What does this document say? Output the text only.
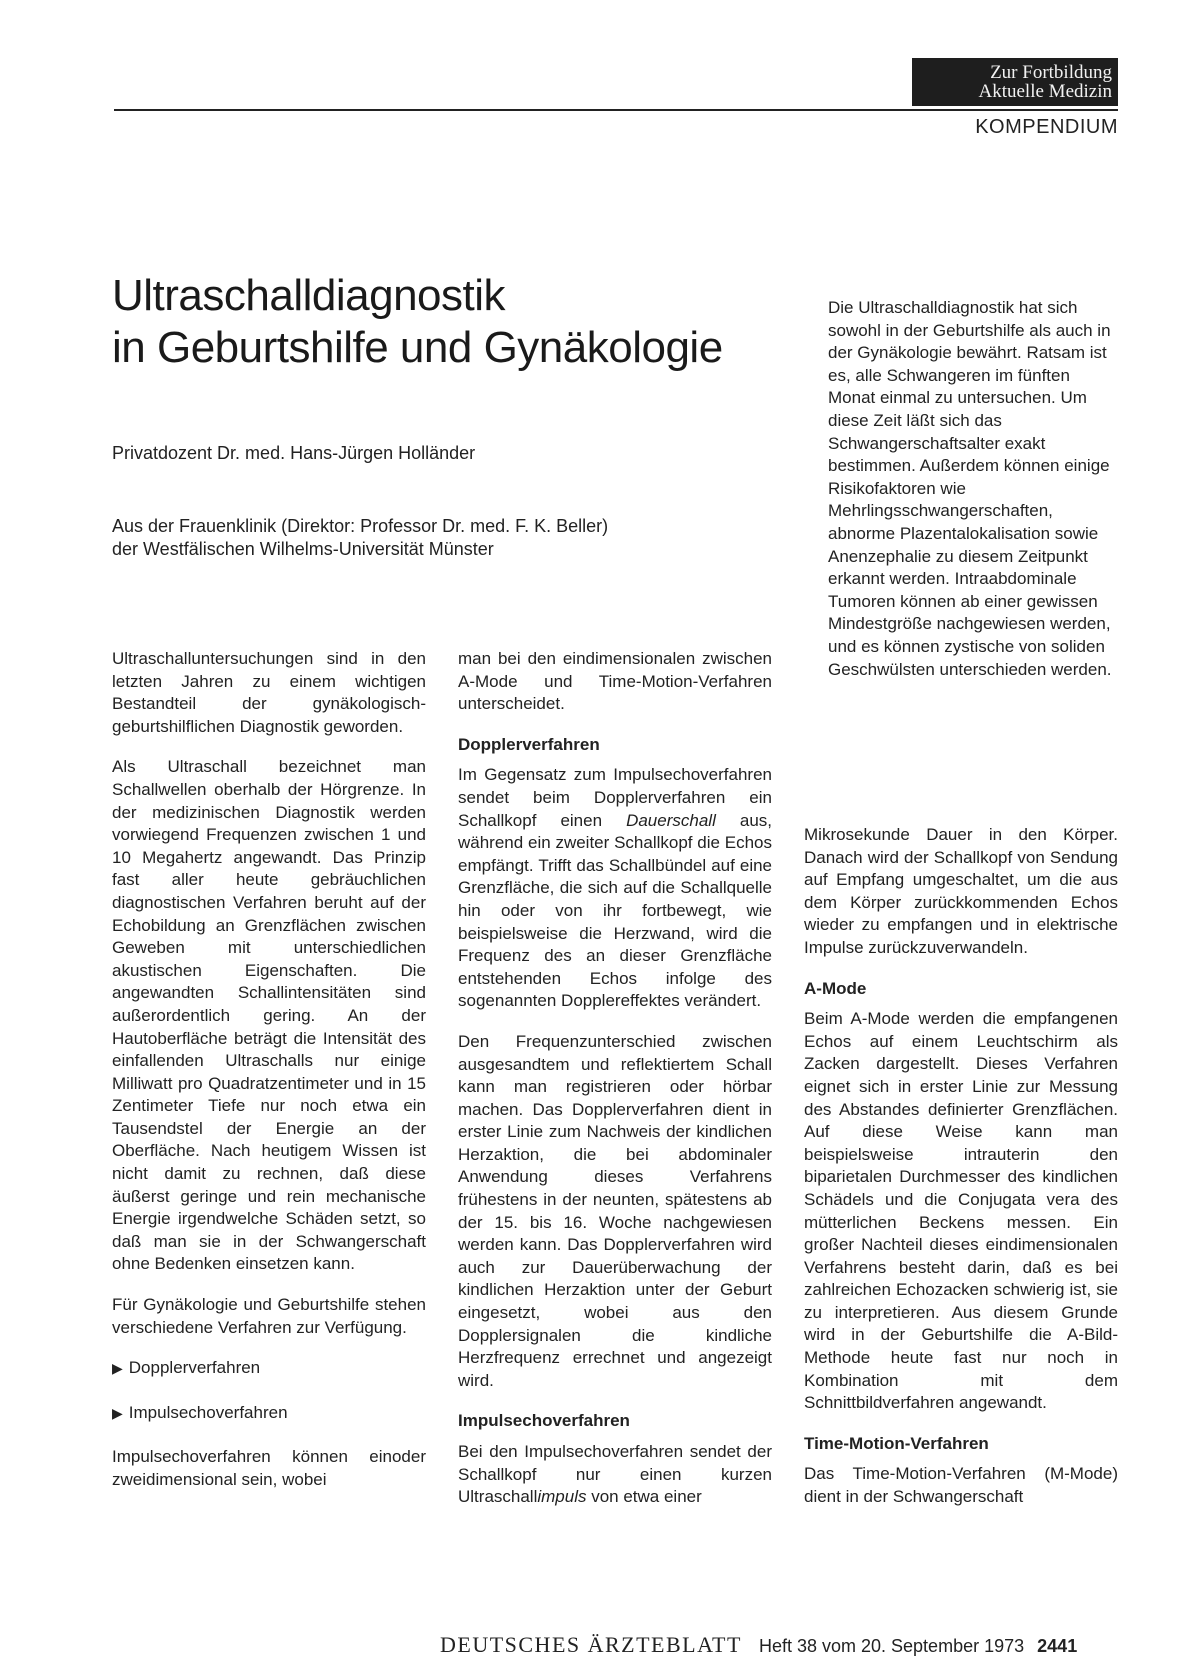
Zur Fortbildung
Aktuelle Medizin
KOMPENDIUM
Ultraschalldiagnostik
in Geburtshilfe und Gynäkologie

Privatdozent Dr. med. Hans-Jürgen Holländer

Aus der Frauenklinik (Direktor: Professor Dr. med. F. K. Beller)
der Westfälischen Wilhelms-Universität Münster

Die Ultraschalldiagnostik hat sich sowohl in der Geburtshilfe als auch in der Gynäkologie bewährt. Ratsam ist es, alle Schwangeren im fünften Monat einmal zu untersuchen. Um diese Zeit läßt sich das Schwangerschaftsalter exakt bestimmen. Außerdem können einige Risikofaktoren wie Mehrlingsschwangerschaften, abnorme Plazentalokalisation sowie Anenzephalie zu diesem Zeitpunkt erkannt werden. Intraabdominale Tumoren können ab einer gewissen Mindestgröße nachgewiesen werden, und es können zystische von soliden Geschwülsten unterschieden werden.

Ultraschalluntersuchungen sind in den letzten Jahren zu einem wichtigen Bestandteil der gynäkologisch-geburtshilflichen Diagnostik geworden.

Als Ultraschall bezeichnet man Schallwellen oberhalb der Hörgrenze. In der medizinischen Diagnostik werden vorwiegend Frequenzen zwischen 1 und 10 Megahertz angewandt. Das Prinzip fast aller heute gebräuchlichen diagnostischen Verfahren beruht auf der Echobildung an Grenzflächen zwischen Geweben mit unterschiedlichen akustischen Eigenschaften. Die angewandten Schallintensitäten sind außerordentlich gering. An der Hautoberfläche beträgt die Intensität des einfallenden Ultraschalls nur einige Milliwatt pro Quadratzentimeter und in 15 Zentimeter Tiefe nur noch etwa ein Tausendstel der Energie an der Oberfläche. Nach heutigem Wissen ist nicht damit zu rechnen, daß diese äußerst geringe und rein mechanische Energie irgendwelche Schäden setzt, so daß man sie in der Schwangerschaft ohne Bedenken einsetzen kann.

Für Gynäkologie und Geburtshilfe stehen verschiedene Verfahren zur Verfügung.

▶ Dopplerverfahren
▶ Impulsechoverfahren

Impulsechoverfahren können einoder zweidimensional sein, wobei

man bei den eindimensionalen zwischen A-Mode und Time-Motion-Verfahren unterscheidet.

Dopplerverfahren

Im Gegensatz zum Impulsechoverfahren sendet beim Dopplerverfahren ein Schallkopf einen Dauerschall aus, während ein zweiter Schallkopf die Echos empfängt. Trifft das Schallbündel auf eine Grenzfläche, die sich auf die Schallquelle hin oder von ihr fortbewegt, wie beispielsweise die Herzwand, wird die Frequenz des an dieser Grenzfläche entstehenden Echos infolge des sogenannten Dopplereffektes verändert.

Den Frequenzunterschied zwischen ausgesandtem und reflektiertem Schall kann man registrieren oder hörbar machen. Das Dopplerverfahren dient in erster Linie zum Nachweis der kindlichen Herzaktion, die bei abdominaler Anwendung dieses Verfahrens frühestens in der neunten, spätestens ab der 15. bis 16. Woche nachgewiesen werden kann. Das Dopplerverfahren wird auch zur Dauerüberwachung der kindlichen Herzaktion unter der Geburt eingesetzt, wobei aus den Dopplersignalen die kindliche Herzfrequenz errechnet und angezeigt wird.

Impulsechoverfahren

Bei den Impulsechoverfahren sendet der Schallkopf nur einen kurzen Ultraschallimpuls von etwa einer

Mikrosekunde Dauer in den Körper. Danach wird der Schallkopf von Sendung auf Empfang umgeschaltet, um die aus dem Körper zurückkommenden Echos wieder zu empfangen und in elektrische Impulse zurückzuverwandeln.

A-Mode

Beim A-Mode werden die empfangenen Echos auf einem Leuchtschirm als Zacken dargestellt. Dieses Verfahren eignet sich in erster Linie zur Messung des Abstandes definierter Grenzflächen. Auf diese Weise kann man beispielsweise intrauterin den biparietalen Durchmesser des kindlichen Schädels und die Conjugata vera des mütterlichen Beckens messen. Ein großer Nachteil dieses eindimensionalen Verfahrens besteht darin, daß es bei zahlreichen Echozacken schwierig ist, sie zu interpretieren. Aus diesem Grunde wird in der Geburtshilfe die A-Bild-Methode heute fast nur noch in Kombination mit dem Schnittbildverfahren angewandt.

Time-Motion-Verfahren

Das Time-Motion-Verfahren (M-Mode) dient in der Schwangerschaft

DEUTSCHES ÄRZTEBLATT Heft 38 vom 20. September 1973 2441
